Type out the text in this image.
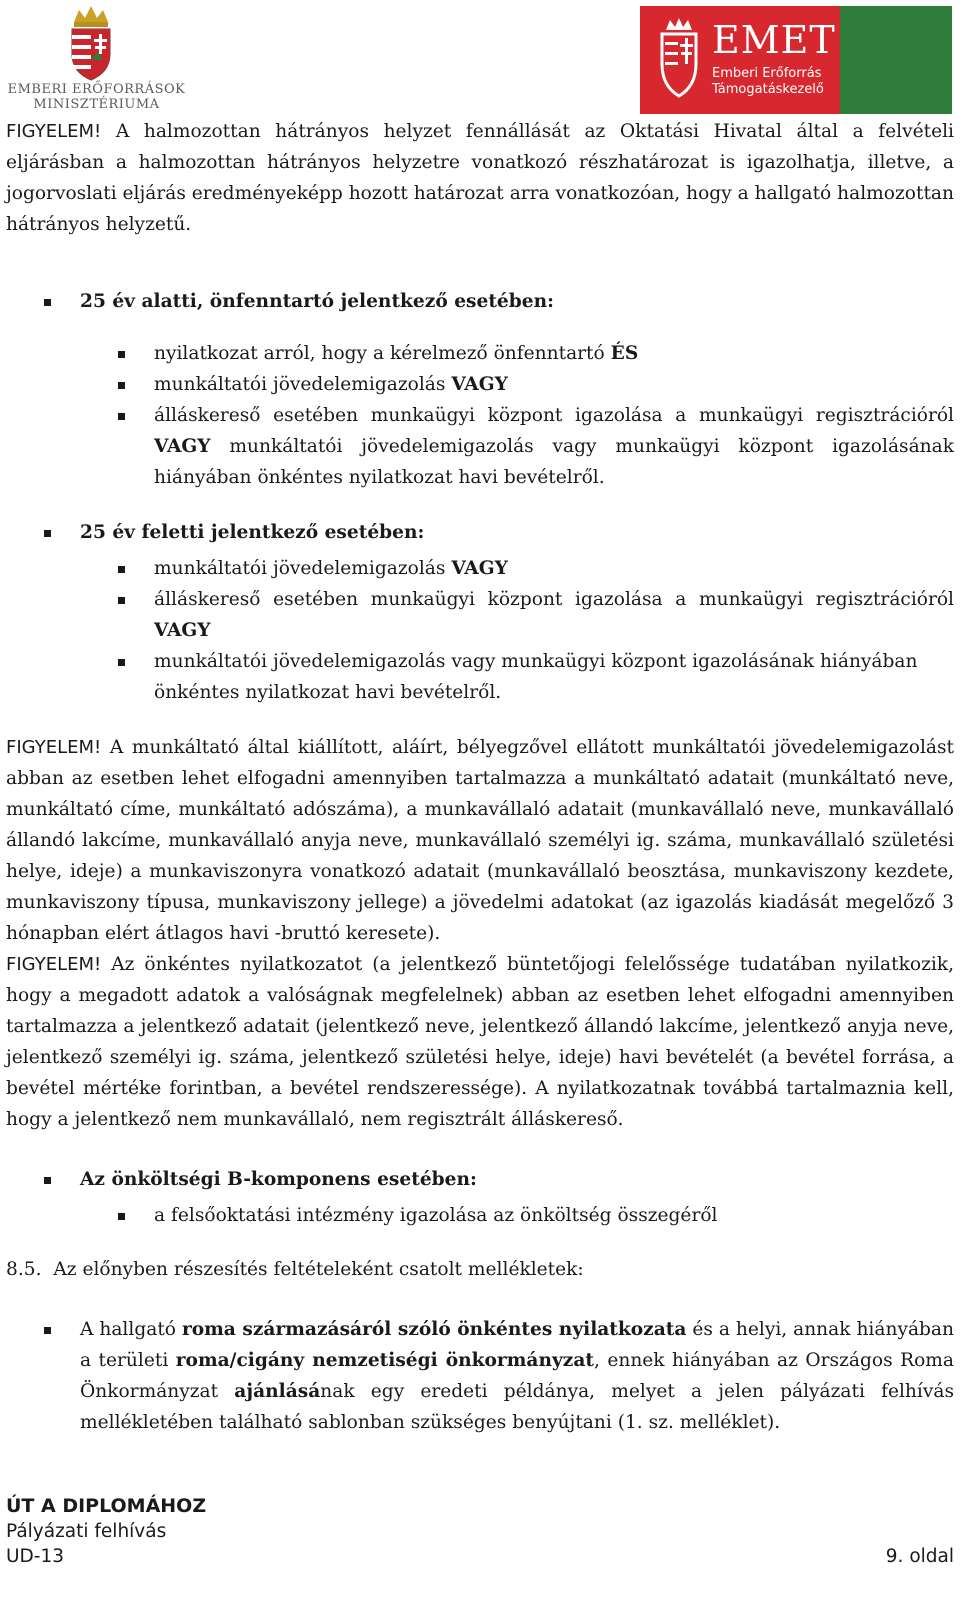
EMBERI ERŐFORRÁSOK
MINISZTÉRIUMA
EMET
Emberi Erőforrás
Támogatáskezelő

FIGYELEM! A halmozottan hátrányos helyzet fennállását az Oktatási Hivatal által a felvételi eljárásban a halmozottan hátrányos helyzetre vonatkozó részhatározat is igazolhatja, illetve, a jogorvoslati eljárás eredményeképp hozott határozat arra vonatkozóan, hogy a hallgató halmozottan hátrányos helyzetű.

25 év alatti, önfenntartó jelentkező esetében:

nyilatkozat arról, hogy a kérelmező önfenntartó ÉS

munkáltatói jövedelemigazolás VAGY

álláskereső esetében munkaügyi központ igazolása a munkaügyi regisztrációról VAGY munkáltatói jövedelemigazolás vagy munkaügyi központ igazolásának hiányában önkéntes nyilatkozat havi bevételről.

25 év feletti jelentkező esetében:

munkáltatói jövedelemigazolás VAGY

álláskereső esetében munkaügyi központ igazolása a munkaügyi regisztrációról VAGY

munkáltatói jövedelemigazolás vagy munkaügyi központ igazolásának hiányában önkéntes nyilatkozat havi bevételről.

FIGYELEM! A munkáltató által kiállított, aláírt, bélyegzővel ellátott munkáltatói jövedelemigazolást abban az esetben lehet elfogadni amennyiben tartalmazza a munkáltató adatait (munkáltató neve, munkáltató címe, munkáltató adószáma), a munkavállaló adatait (munkavállaló neve, munkavállaló állandó lakcíme, munkavállaló anyja neve, munkavállaló személyi ig. száma, munkavállaló születési helye, ideje) a munkaviszonyra vonatkozó adatait (munkavállaló beosztása, munkaviszony kezdete, munkaviszony típusa, munkaviszony jellege) a jövedelmi adatokat (az igazolás kiadását megelőző 3 hónapban elért átlagos havi -bruttó keresete).

FIGYELEM! Az önkéntes nyilatkozatot (a jelentkező büntetőjogi felelőssége tudatában nyilatkozik, hogy a megadott adatok a valóságnak megfelelnek) abban az esetben lehet elfogadni amennyiben tartalmazza a jelentkező adatait (jelentkező neve, jelentkező állandó lakcíme, jelentkező anyja neve, jelentkező személyi ig. száma, jelentkező születési helye, ideje) havi bevételét (a bevétel forrása, a bevétel mértéke forintban, a bevétel rendszeressége). A nyilatkozatnak továbbá tartalmaznia kell, hogy a jelentkező nem munkavállaló, nem regisztrált álláskereső.

Az önköltségi B-komponens esetében:

a felsőoktatási intézmény igazolása az önköltség összegéről

8.5. Az előnyben részesítés feltételeként csatolt mellékletek:

A hallgató roma származásáról szóló önkéntes nyilatkozata és a helyi, annak hiányában a területi roma/cigány nemzetiségi önkormányzat, ennek hiányában az Országos Roma Önkormányzat ajánlásának egy eredeti példánya, melyet a jelen pályázati felhívás mellékletében található sablonban szükséges benyújtani (1. sz. melléklet).

ÚT A DIPLOMÁHOZ
Pályázati felhívás
UD-13	9. oldal
